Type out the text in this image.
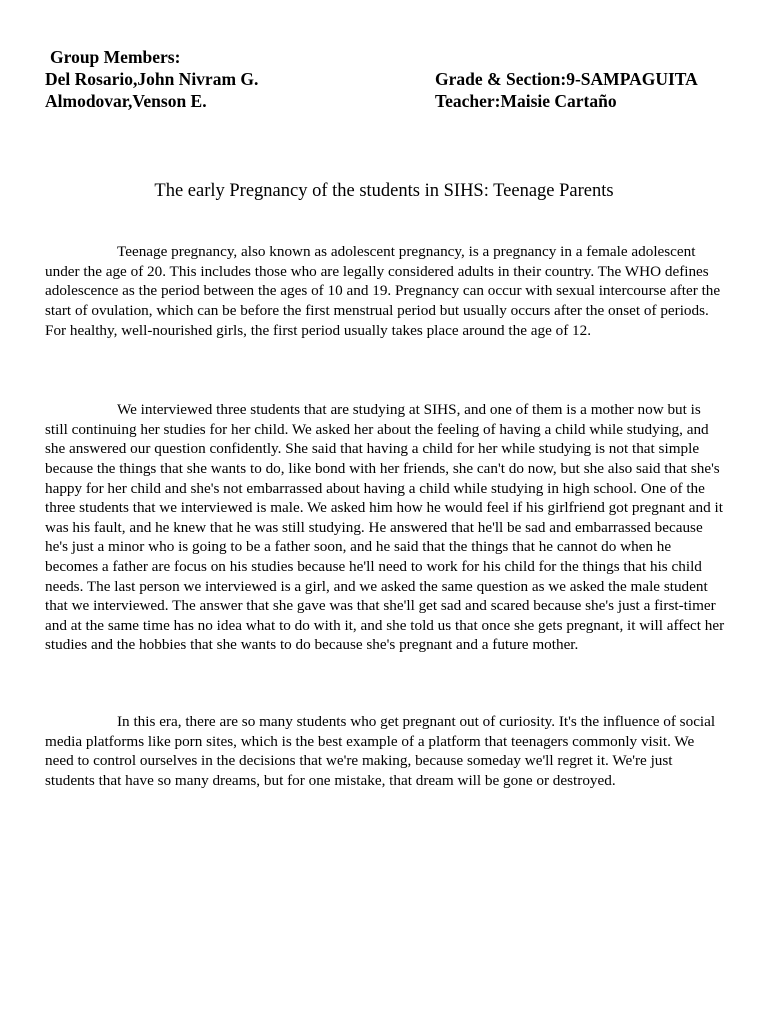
Group Members:
Del Rosario,John Nivram G.
Almodovar,Venson E.
Grade & Section:9-SAMPAGUITA
Teacher:Maisie Cartaño
The early Pregnancy of the students in SIHS: Teenage Parents

Teenage pregnancy, also known as adolescent pregnancy, is a pregnancy in a female adolescent under the age of 20. This includes those who are legally considered adults in their country. The WHO defines adolescence as the period between the ages of 10 and 19. Pregnancy can occur with sexual intercourse after the start of ovulation, which can be before the first menstrual period but usually occurs after the onset of periods. For healthy, well-nourished girls, the first period usually takes place around the age of 12.

We interviewed three students that are studying at SIHS, and one of them is a mother now but is still continuing her studies for her child. We asked her about the feeling of having a child while studying, and she answered our question confidently. She said that having a child for her while studying is not that simple because the things that she wants to do, like bond with her friends, she can't do now, but she also said that she's happy for her child and she's not embarrassed about having a child while studying in high school. One of the three students that we interviewed is male. We asked him how he would feel if his girlfriend got pregnant and it was his fault, and he knew that he was still studying. He answered that he'll be sad and embarrassed because he's just a minor who is going to be a father soon, and he said that the things that he cannot do when he becomes a father are focus on his studies because he'll need to work for his child for the things that his child needs. The last person we interviewed is a girl, and we asked the same question as we asked the male student that we interviewed. The answer that she gave was that she'll get sad and scared because she's just a first-timer and at the same time has no idea what to do with it, and she told us that once she gets pregnant, it will affect her studies and the hobbies that she wants to do because she's pregnant and a future mother.

In this era, there are so many students who get pregnant out of curiosity. It's the influence of social media platforms like porn sites, which is the best example of a platform that teenagers commonly visit. We need to control ourselves in the decisions that we're making, because someday we'll regret it. We're just students that have so many dreams, but for one mistake, that dream will be gone or destroyed.
